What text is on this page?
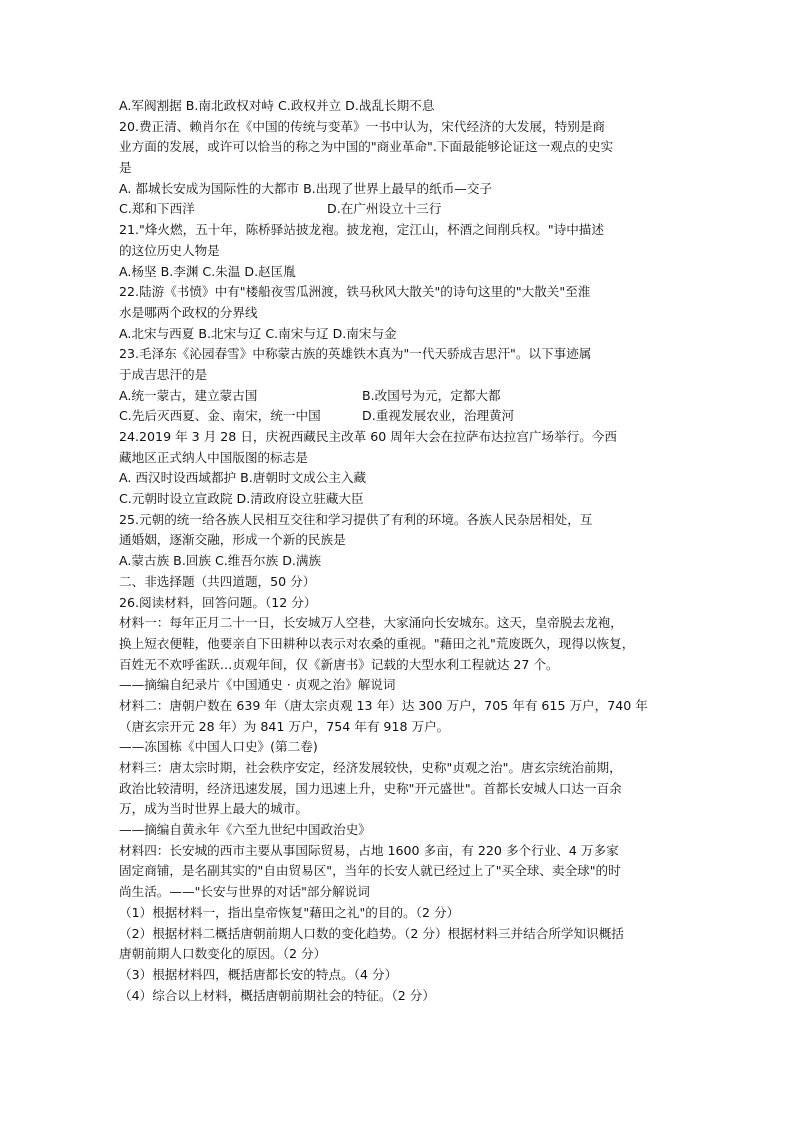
A.军阀割据 B.南北政权对峙 C.政权并立 D.战乱长期不息
20.费正清、赖肖尔在《中国的传统与变革》一书中认为，宋代经济的大发展，特别是商
业方面的发展，或许可以恰当的称之为中国的"商业革命".下面最能够论证这一观点的史实
是
A. 都城长安成为国际性的大都市 B.出现了世界上最早的纸币—交子
C.郑和下西洋	D.在广州设立十三行
21."烽火燃，五十年，陈桥驿站披龙袍。披龙袍，定江山，杯酒之间削兵权。"诗中描述
的这位历史人物是
A.杨坚 B.李渊 C.朱温 D.赵匡胤
22.陆游《书愤》中有"楼船夜雪瓜洲渡，铁马秋风大散关"的诗句这里的"大散关"至淮
水是哪两个政权的分界线
A.北宋与西夏 B.北宋与辽 C.南宋与辽 D.南宋与金
23.毛泽东《沁园春雪》中称蒙古族的英雄铁木真为"一代天骄成吉思汗"。以下事迹属
于成吉思汗的是
A.统一蒙古，建立蒙古国	B.改国号为元，定都大都
C.先后灭西夏、金、南宋，统一中国	D.重视发展农业，治理黄河
24.2019 年 3 月 28 日，庆祝西藏民主改革 60 周年大会在拉萨布达拉宫广场举行。今西
藏地区正式纳人中国版图的标志是
A. 西汉时设西域都护 B.唐朝时文成公主入藏
C.元朝时设立宣政院 D.清政府设立驻藏大臣
25.元朝的统一给各族人民相互交往和学习提供了有利的环境。各族人民杂居相处，互
通婚姻，逐渐交融，形成一个新的民族是
A.蒙古族 B.回族 C.维吾尔族 D.满族
二、非选择题（共四道题，50 分）
26.阅读材料，回答问题。（12 分）
材料一：每年正月二十一日，长安城万人空巷，大家涌向长安城东。这天，皇帝脱去龙袍，
换上短衣便鞋，他要亲自下田耕种以表示对农桑的重视。"藉田之礼"荒废既久，现得以恢复，
百姓无不欢呼雀跃…贞观年间，仅《新唐书》记载的大型水利工程就达 27 个。
——摘编自纪录片《中国通史 · 贞观之治》解说词
材料二：唐朝户数在 639 年（唐太宗贞观 13 年）达 300 万户，705 年有 615 万户，740 年
（唐玄宗开元 28 年）为 841 万户，754 年有 918 万户。
——冻国栋《中国人口史》(第二卷)
材料三：唐太宗时期，社会秩序安定，经济发展较快，史称"贞观之治"。唐玄宗统治前期，
政治比较清明，经济迅速发展，国力迅速上升，史称"开元盛世"。首都长安城人口达一百余
万，成为当时世界上最大的城市。
——摘编自黄永年《六至九世纪中国政治史》
材料四：长安城的西市主要从事国际贸易，占地 1600 多亩，有 220 多个行业、4 万多家
固定商铺，是名副其实的"自由贸易区"，当年的长安人就已经过上了"买全球、卖全球"的时
尚生活。——"长安与世界的对话"部分解说词
（1）根据材料一，指出皇帝恢复"藉田之礼"的目的。（2 分）
（2）根据材料二概括唐朝前期人口数的变化趋势。（2 分）根据材料三并结合所学知识概括
唐朝前期人口数变化的原因。（2 分）
（3）根据材料四，概括唐都长安的特点。（4 分）
（4）综合以上材料，概括唐朝前期社会的特征。（2 分）
